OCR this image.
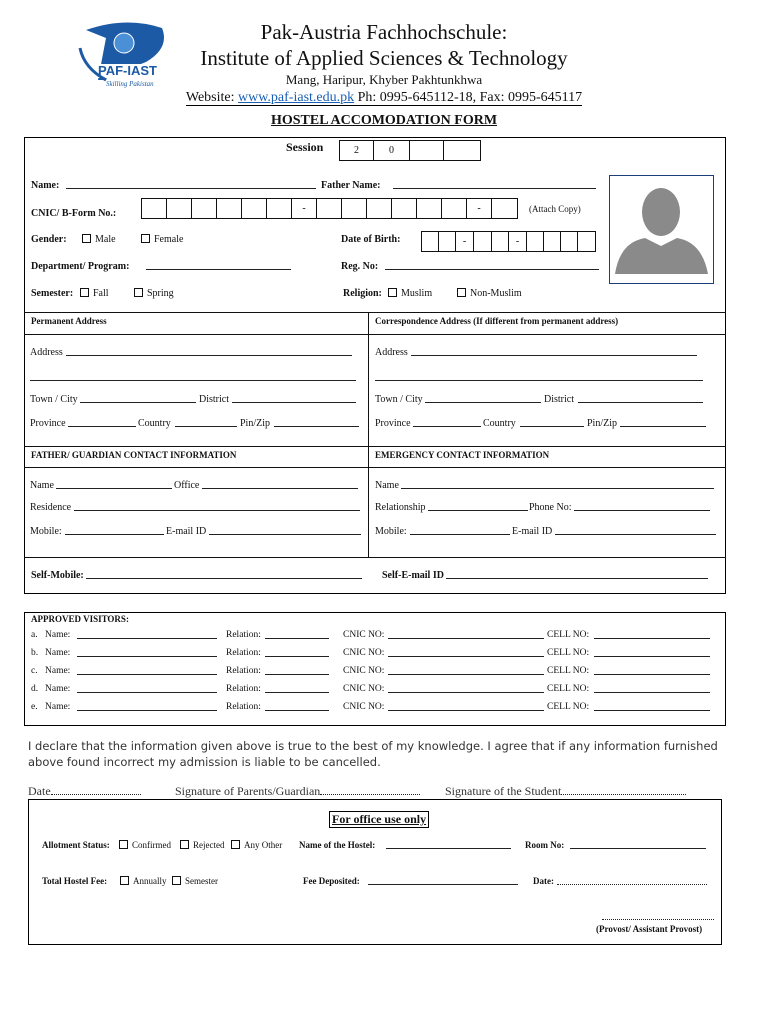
PAF-IAST
Skilling Pakistan
Pak-Austria Fachhochschule:
Institute of Applied Sciences & Technology
Mang, Haripur, Khyber Pakhtunkhwa
Website: www.paf-iast.edu.pk Ph: 0995-645112-18, Fax: 0995-645117
HOSTEL ACCOMODATION FORM
Session	2	0
Name:	Father Name:
CNIC/ B-Form No.:	-	-	(Attach Copy)
Gender:	Male	Female	Date of Birth:	-	-
Department/ Program:	Reg. No:
Semester:	Fall	Spring	Religion:	Muslim	Non-Muslim
Permanent Address	Correspondence Address (If different from permanent address)
Address
Town / City	District
Province	Country	Pin/Zip
Address
Town / City	District
Province	Country	Pin/Zip
FATHER/ GUARDIAN CONTACT INFORMATION	EMERGENCY CONTACT INFORMATION
Name	Office
Residence
Mobile:	E-mail ID
Name
Relationship	Phone No:
Mobile:	E-mail ID
Self-Mobile:	Self-E-mail ID
APPROVED VISITORS:
a. Name:	Relation:	CNIC NO:	CELL NO:
b. Name:	Relation:	CNIC NO:	CELL NO:
c. Name:	Relation:	CNIC NO:	CELL NO:
d. Name:	Relation:	CNIC NO:	CELL NO:
e. Name:	Relation:	CNIC NO:	CELL NO:
I declare that the information given above is true to the best of my knowledge. I agree that if any information furnished above found incorrect my admission is liable to be cancelled.
Date	Signature of Parents/Guardian	Signature of the Student
For office use only
Allotment Status:	Confirmed	Rejected	Any Other Name of the Hostel:	Room No:
Total Hostel Fee:	Annually	Semester	Fee Deposited:	Date:
(Provost/ Assistant Provost)
